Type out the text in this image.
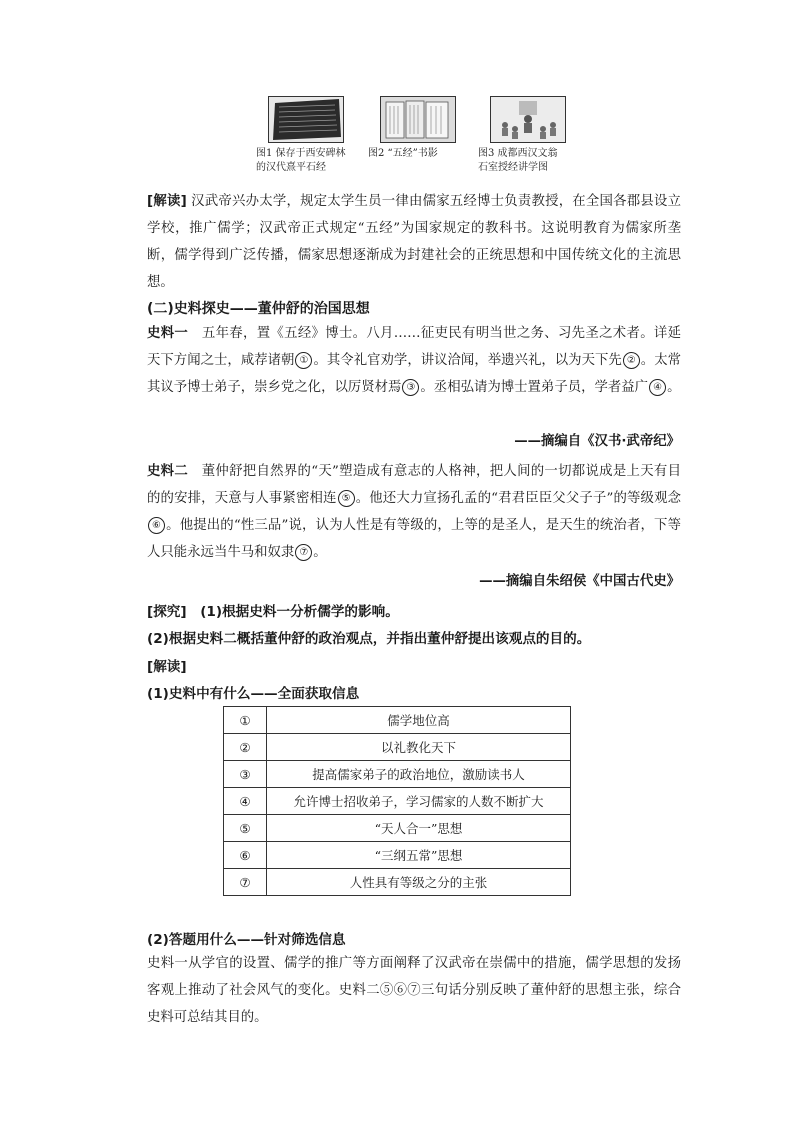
图1 保存于西安碑林
的汉代熹平石经
图2 “五经”书影	图3 成都西汉文翁
石室授经讲学图
[解读] 汉武帝兴办太学，规定太学生员一律由儒家五经博士负责教授，在全国各郡县设立学校，推广儒学；汉武帝正式规定“五经”为国家规定的教科书。这说明教育为儒家所垄断，儒学得到广泛传播，儒家思想逐渐成为封建社会的正统思想和中国传统文化的主流思想。
(二)史料探史——董仲舒的治国思想
史料一 五年春，置《五经》博士。八月……征吏民有明当世之务、习先圣之术者。详延天下方闻之士，咸荐诸朝 ① 。其令礼官劝学，讲议洽闻，举遗兴礼，以为天下先 ② 。太常其议予博士弟子，崇乡党之化，以厉贤材焉 ③ 。丞相弘请为博士置弟子员，学者益广 ④ 。
——摘编自《汉书·武帝纪》
史料二 董仲舒把自然界的“天”塑造成有意志的人格神，把人间的一切都说成是上天有目的的安排，天意与人事紧密相连 ⑤ 。他还大力宣扬孔孟的“君君臣臣父父子子”的等级观念⑥ 。他提出的“性三品”说，认为人性是有等级的，上等的是圣人，是天生的统治者，下等人只能永远当牛马和奴隶 ⑦ 。
——摘编自朱绍侯《中国古代史》
[探究]　(1)根据史料一分析儒学的影响。
(2)根据史料二概括董仲舒的政治观点，并指出董仲舒提出该观点的目的。
[解读]
(1)史料中有什么——全面获取信息
①	儒学地位高
②	以礼教化天下
③	提高儒家弟子的政治地位，激励读书人
④	允许博士招收弟子，学习儒家的人数不断扩大
⑤	“天人合一”思想
⑥	“三纲五常”思想
⑦	人性具有等级之分的主张
(2)答题用什么——针对筛选信息
史料一从学官的设置、儒学的推广等方面阐释了汉武帝在崇儒中的措施，儒学思想的发扬客观上推动了社会风气的变化。史料二⑤⑥⑦三句话分别反映了董仲舒的思想主张，综合史料可总结其目的。
